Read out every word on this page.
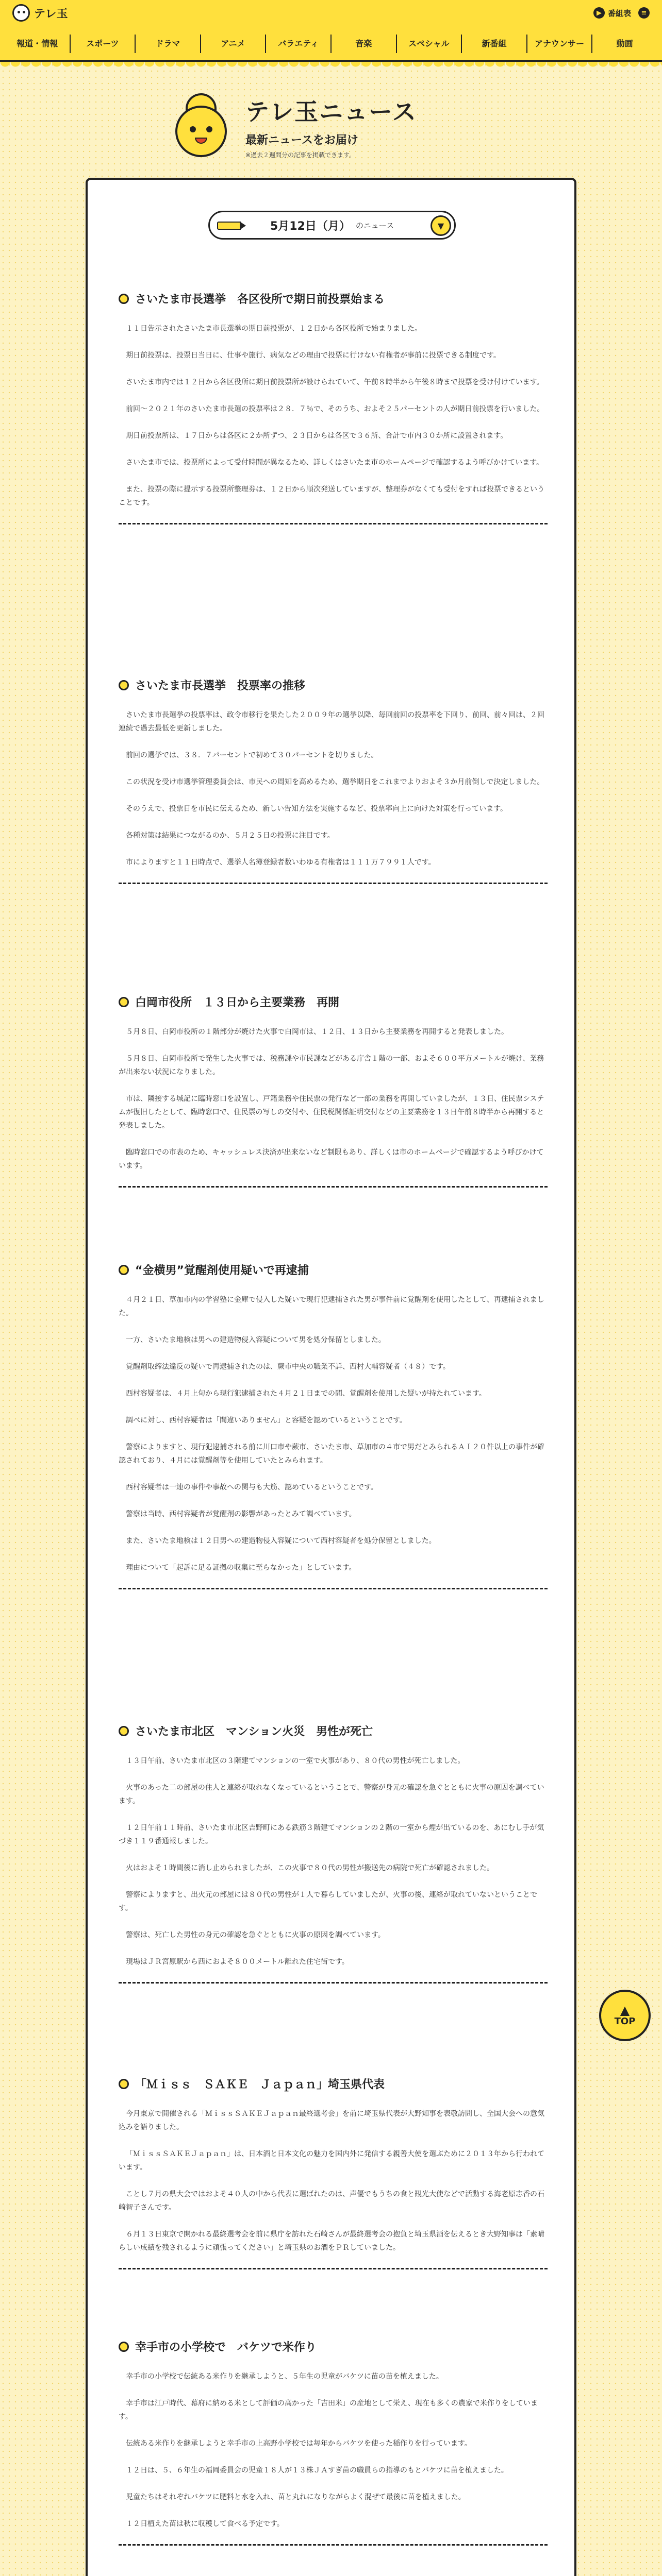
テレ玉	▶ 番組表	≡
報道・情報	スポーツ	ドラマ	アニメ	バラエティ	音楽	スペシャル	新番組	アナウンサー	動画
テレ玉ニュース
最新ニュースをお届け
※過去２週間分の記事を掲載できます。
5月12日（月） のニュース	▼
さいたま市長選挙　各区役所で期日前投票始まる

１１日告示されたさいたま市長選挙の期日前投票が、１２日から各区役所で始まりました。

期日前投票は、投票日当日に、仕事や旅行、病気などの理由で投票に行けない有権者が事前に投票できる制度です。

さいたま市内では１２日から各区役所に期日前投票所が設けられていて、午前８時半から午後８時まで投票を受け付けています。

前回～２０２１年のさいたま市長選の投票率は２８．７％で、そのうち、およそ２５パーセントの人が期日前投票を行いました。

期日前投票所は、１７日からは各区に２か所ずつ、２３日からは各区で３６所、合計で市内３０か所に設置されます。

さいたま市では、投票所によって受付時間が異なるため、詳しくはさいたま市のホームページで確認するよう呼びかけています。

また、投票の際に提示する投票所整理券は、１２日から順次発送していますが、整理券がなくても受付をすれば投票できるということです。

さいたま市長選挙　投票率の推移

さいたま市長選挙の投票率は、政令市移行を果たした２００９年の選挙以降、毎回前回の投票率を下回り、前回、前々回は、２回連続で過去最低を更新しました。

前回の選挙では、３８．７パーセントで初めて３０パーセントを切りました。

この状況を受け市選挙管理委員会は、市民への周知を高めるため、選挙期日をこれまでよりおよそ３か月前倒しで決定しました。

そのうえで、投票日を市民に伝えるため、新しい告知方法を実施するなど、投票率向上に向けた対策を行っています。

各種対策は結果につながるのか、５月２５日の投票に注目です。

市によりますと１１日時点で、選挙人名簿登録者数いわゆる有権者は１１１万７９９１人です。

白岡市役所　１３日から主要業務　再開

５月８日、白岡市役所の１階部分が焼けた火事で白岡市は、１２日、１３日から主要業務を再開すると発表しました。

５月８日、白岡市役所で発生した火事では、税務課や市民課などがある庁舎１階の一部、およそ６００平方メートルが焼け、業務が出来ない状況になりました。

市は、隣接する城記に臨時窓口を設置し、戸籍業務や住民票の発行など一部の業務を再開していましたが、１３日、住民票システムが復旧したとして、臨時窓口で、住民票の写しの交付や、住民税関係証明交付などの主要業務を１３日午前８時半から再開すると発表しました。

臨時窓口での市表のため、キャッシュレス決済が出来ないなど制限もあり、詳しくは市のホームページで確認するよう呼びかけています。

“金横男”覚醒剤使用疑いで再逮捕

４月２１日、草加市内の学習塾に金庫で侵入した疑いで現行犯逮捕された男が事件前に覚醒剤を使用したとして、再逮捕されました。

一方、さいたま地検は男への建造物侵入容疑について男を処分保留としました。

覚醒剤取締法違反の疑いで再逮捕されたのは、蕨市中央の職業不詳、西村大輔容疑者（４８）です。

西村容疑者は、４月上旬から現行犯逮捕された４月２１日までの間、覚醒剤を使用した疑いが持たれています。

調べに対し、西村容疑者は「間違いありません」と容疑を認めているということです。

警察によりますと、現行犯逮捕される前に川口市や蕨市、さいたま市、草加市の４市で男だとみられるＡＩ２０件以上の事件が確認されており、４月には覚醒剤等を使用していたとみられます。

西村容疑者は一連の事件や事故への関与も大筋、認めているということです。

警察は当時、西村容疑者が覚醒剤の影響があったとみて調べています。

また、さいたま地検は１２日男への建造物侵入容疑について西村容疑者を処分保留としました。

理由について「起訴に足る証拠の収集に至らなかった」としています。

さいたま市北区　マンション火災　男性が死亡

１３日午前、さいたま市北区の３階建てマンションの一室で火事があり、８０代の男性が死亡しました。

火事のあった二の部屋の住人と連絡が取れなくなっているということで、警察が身元の確認を急ぐとともに火事の原因を調べています。

１２日午前１１時前、さいたま市北区吉野町にある鉄筋３階建てマンションの２階の一室から煙が出ているのを、あにむし手が気づき１１９番通報しました。

火はおよそ１時間後に消し止められましたが、この火事で８０代の男性が搬送先の病院で死亡が確認されました。

警察によりますと、出火元の部屋には８０代の男性が１人で暮らしていましたが、火事の後、連絡が取れていないということです。

警察は、死亡した男性の身元の確認を急ぐとともに火事の原因を調べています。

現場はＪＲ宮原駅から西におよそ８００メートル離れた住宅街です。

「Ｍｉｓｓ　ＳＡＫＥ　Ｊａｐａｎ」埼玉県代表

今月東京で開催される「ＭｉｓｓＳＡＫＥＪａｐａｎ最終選考会」を前に埼玉県代表が大野知事を表敬訪問し、全国大会への意気込みを語りました。

「ＭｉｓｓＳＡＫＥＪａｐａｎ」は、日本酒と日本文化の魅力を国内外に発信する親善大使を選ぶために２０１３年から行われています。

ことし７月の県大会ではおよそ４０人の中から代表に選ばれたのは、声優でもうちの食と観光大使などで活動する海老原志香の石崎智子さんです。

６月１３日東京で開かれる最終選考会を前に県庁を訪れた石崎さんが最終選考会の抱負と埼玉県酒を伝えるとき大野知事は「素晴らしい成績を残されるように頑張ってください」と埼玉県のお酒をＰＲしていました。

幸手市の小学校で　バケツで米作り

幸手市の小学校で伝統ある米作りを継承しようと、５年生の児童がバケツに苗の苗を植えました。

幸手市は江戸時代、幕府に納める米として評価の高かった「吉田米」の産地として栄え、現在も多くの農家で米作りをしています。

伝統ある米作りを継承しようと幸手市の上高野小学校では毎年からバケツを使った稲作りを行っています。

１２日は、５、６年生の福岡委員会の児童１８人が１３株ＪＡすぎ苗の職員らの指導のもとバケツに苗を植えました。

児童たちはそれぞれバケツに肥料と水を入れ、苗と丸れになりながらよく混ぜて最後に苗を植えました。

１２日植えた苗は秋に収穫して食べる予定です。

▲
TOP
